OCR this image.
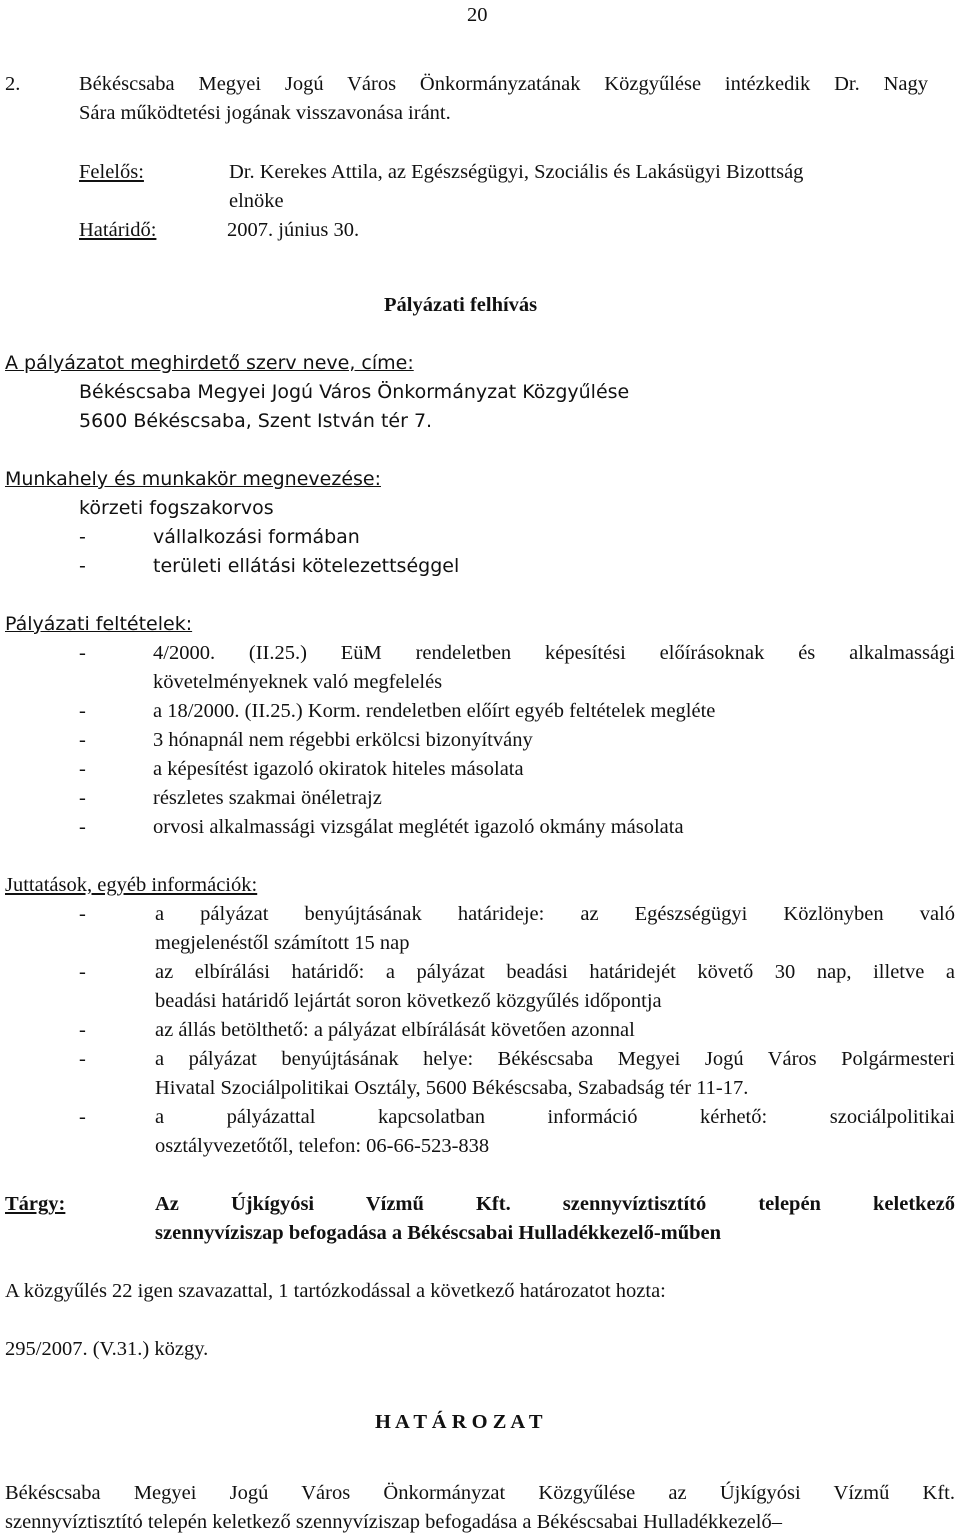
20
2.	Békéscsaba Megyei Jogú Város Önkormányzatának Közgyűlése intézkedik Dr. Nagy
Sára működtetési jogának visszavonása iránt.
Felelős:	Dr. Kerekes Attila, az Egészségügyi, Szociális és Lakásügyi Bizottság
elnöke
Határidő:	2007. június 30.
Pályázati felhívás
A pályázatot meghirdető szerv neve, címe:
Békéscsaba Megyei Jogú Város Önkormányzat Közgyűlése
5600 Békéscsaba, Szent István tér 7.
Munkahely és munkakör megnevezése:
körzeti fogszakorvos
-	vállalkozási formában
-	területi ellátási kötelezettséggel
Pályázati feltételek:
-	4/2000. (II.25.) EüM rendeletben képesítési előírásoknak és alkalmassági
követelményeknek való megfelelés
-	a 18/2000. (II.25.) Korm. rendeletben előírt egyéb feltételek megléte
-	3 hónapnál nem régebbi erkölcsi bizonyítvány
-	a képesítést igazoló okiratok hiteles másolata
-	részletes szakmai önéletrajz
-	orvosi alkalmassági vizsgálat meglétét igazoló okmány másolata
Juttatások, egyéb információk:
-	a pályázat benyújtásának határideje: az Egészségügyi Közlönyben való
megjelenéstől számított 15 nap
-	az elbírálási határidő: a pályázat beadási határidejét követő 30 nap, illetve a
beadási határidő lejártát soron következő közgyűlés időpontja
-	az állás betölthető: a pályázat elbírálását követően azonnal
-	a pályázat benyújtásának helye: Békéscsaba Megyei Jogú Város Polgármesteri
Hivatal Szociálpolitikai Osztály, 5600 Békéscsaba, Szabadság tér 11-17.
-	a pályázattal kapcsolatban információ kérhető: szociálpolitikai
osztályvezetőtől, telefon: 06-66-523-838
Tárgy:	Az Újkígyósi Vízmű Kft. szennyvíztisztító telepén keletkező
szennyvíziszap befogadása a Békéscsabai Hulladékkezelő-műben
A közgyűlés 22 igen szavazattal, 1 tartózkodással a következő határozatot hozta:
295/2007. (V.31.) közgy.
H A T Á R O Z A T
Békéscsaba Megyei Jogú Város Önkormányzat Közgyűlése az Újkígyósi Vízmű Kft.
szennyvíztisztító telepén keletkező szennyvíziszap befogadása a Békéscsabai Hulladékkezelő–
